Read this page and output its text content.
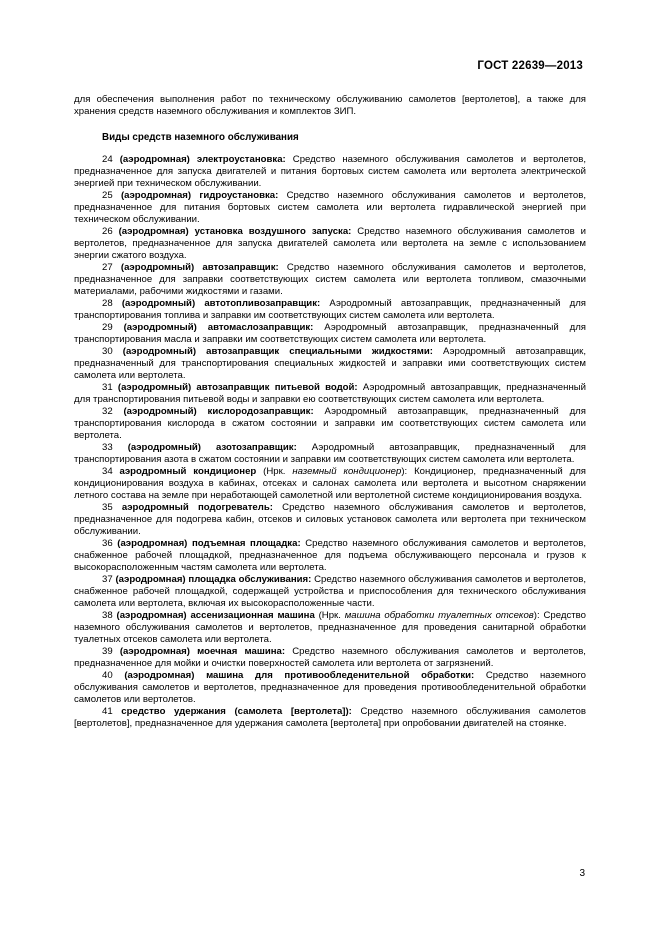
ГОСТ 22639—2013

для обеспечения выполнения работ по техническому обслуживанию самолетов [вертолетов], а также для хранения средств наземного обслуживания и комплектов ЗИП.

Виды средств наземного обслуживания

24 (аэродромная) электроустановка: Средство наземного обслуживания самолетов и вертолетов, предназначенное для запуска двигателей и питания бортовых систем самолета или вертолета электрической энергией при техническом обслуживании.

25 (аэродромная) гидроустановка: Средство наземного обслуживания самолетов и вертолетов, предназначенное для питания бортовых систем самолета или вертолета гидравлической энергией при техническом обслуживании.

26 (аэродромная) установка воздушного запуска: Средство наземного обслуживания самолетов и вертолетов, предназначенное для запуска двигателей самолета или вертолета на земле с использованием энергии сжатого воздуха.

27 (аэродромный) автозаправщик: Средство наземного обслуживания самолетов и вертолетов, предназначенное для заправки соответствующих систем самолета или вертолета топливом, смазочными материалами, рабочими жидкостями и газами.

28 (аэродромный) автотопливозаправщик: Аэродромный автозаправщик, предназначенный для транспортирования топлива и заправки им соответствующих систем самолета или вертолета.

29 (аэродромный) автомаслозаправщик: Аэродромный автозаправщик, предназначенный для транспортирования масла и заправки им соответствующих систем самолета или вертолета.

30 (аэродромный) автозаправщик специальными жидкостями: Аэродромный автозаправщик, предназначенный для транспортирования специальных жидкостей и заправки ими соответствующих систем самолета или вертолета.

31 (аэродромный) автозаправщик питьевой водой: Аэродромный автозаправщик, предназначенный для транспортирования питьевой воды и заправки ею соответствующих систем самолета или вертолета.

32 (аэродромный) кислородозаправщик: Аэродромный автозаправщик, предназначенный для транспортирования кислорода в сжатом состоянии и заправки им соответствующих систем самолета или вертолета.

33 (аэродромный) азотозаправщик: Аэродромный автозаправщик, предназначенный для транспортирования азота в сжатом состоянии и заправки им соответствующих систем самолета или вертолета.

34 аэродромный кондиционер (Нрк. наземный кондиционер): Кондиционер, предназначенный для кондиционирования воздуха в кабинах, отсеках и салонах самолета или вертолета и высотном снаряжении летного состава на земле при неработающей самолетной или вертолетной системе кондиционирования воздуха.

35 аэродромный подогреватель: Средство наземного обслуживания самолетов и вертолетов, предназначенное для подогрева кабин, отсеков и силовых установок самолета или вертолета при техническом обслуживании.

36 (аэродромная) подъемная площадка: Средство наземного обслуживания самолетов и вертолетов, снабженное рабочей площадкой, предназначенное для подъема обслуживающего персонала и грузов к высокорасположенным частям самолета или вертолета.

37 (аэродромная) площадка обслуживания: Средство наземного обслуживания самолетов и вертолетов, снабженное рабочей площадкой, содержащей устройства и приспособления для технического обслуживания самолета или вертолета, включая их высокорасположенные части.

38 (аэродромная) ассенизационная машина (Нрк. машина обработки туалетных отсеков): Средство наземного обслуживания самолетов и вертолетов, предназначенное для проведения санитарной обработки туалетных отсеков самолета или вертолета.

39 (аэродромная) моечная машина: Средство наземного обслуживания самолетов и вертолетов, предназначенное для мойки и очистки поверхностей самолета или вертолета от загрязнений.

40 (аэродромная) машина для противообледенительной обработки: Средство наземного обслуживания самолетов и вертолетов, предназначенное для проведения противообледенительной обработки самолетов или вертолетов.

41 средство удержания (самолета [вертолета]): Средство наземного обслуживания самолетов [вертолетов], предназначенное для удержания самолета [вертолета] при опробовании двигателей на стоянке.

3
